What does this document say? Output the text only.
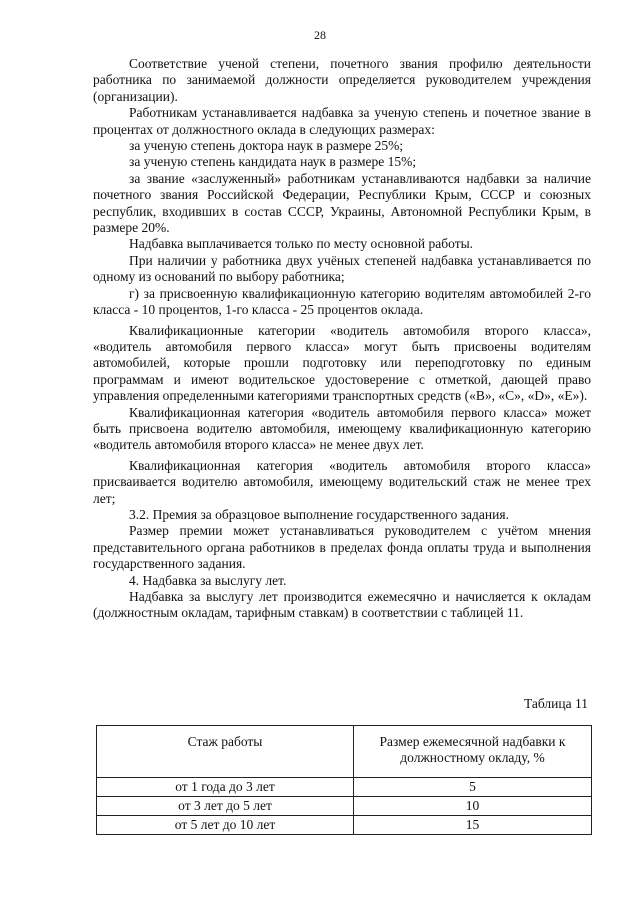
28

Соответствие ученой степени, почетного звания профилю деятельности работника по занимаемой должности определяется руководителем учреждения (организации).

Работникам устанавливается надбавка за ученую степень и почетное звание в процентах от должностного оклада в следующих размерах:

за ученую степень доктора наук в размере 25%;

за ученую степень кандидата наук в размере 15%;

за звание «заслуженный» работникам устанавливаются надбавки за наличие почетного звания Российской Федерации, Республики Крым, СССР и союзных республик, входивших в состав СССР, Украины, Автономной Республики Крым, в размере 20%.

Надбавка выплачивается только по месту основной работы.

При наличии у работника двух учёных степеней надбавка устанавливается по одному из оснований по выбору работника;

г) за присвоенную квалификационную категорию водителям автомобилей 2-го класса - 10 процентов, 1-го класса - 25 процентов оклада.

Квалификационные категории «водитель автомобиля второго класса», «водитель автомобиля первого класса» могут быть присвоены водителям автомобилей, которые прошли подготовку или переподготовку по единым программам и имеют водительское удостоверение с отметкой, дающей право управления определенными категориями транспортных средств («В», «С», «D», «Е»).

Квалификационная категория «водитель автомобиля первого класса» может быть присвоена водителю автомобиля, имеющему квалификационную категорию «водитель автомобиля второго класса» не менее двух лет.

Квалификационная категория «водитель автомобиля второго класса» присваивается водителю автомобиля, имеющему водительский стаж не менее трех лет;

3.2. Премия за образцовое выполнение государственного задания.

Размер премии может устанавливаться руководителем с учётом мнения представительного органа работников в пределах фонда оплаты труда и выполнения государственного задания.

4. Надбавка за выслугу лет.

Надбавка за выслугу лет производится ежемесячно и начисляется к окладам (должностным окладам, тарифным ставкам) в соответствии с таблицей 11.

Таблица 11
Стаж работы	Размер ежемесячной надбавки к должностному окладу, %
от 1 года до 3 лет	5
от 3 лет до 5 лет	10
от 5 лет до 10 лет	15
